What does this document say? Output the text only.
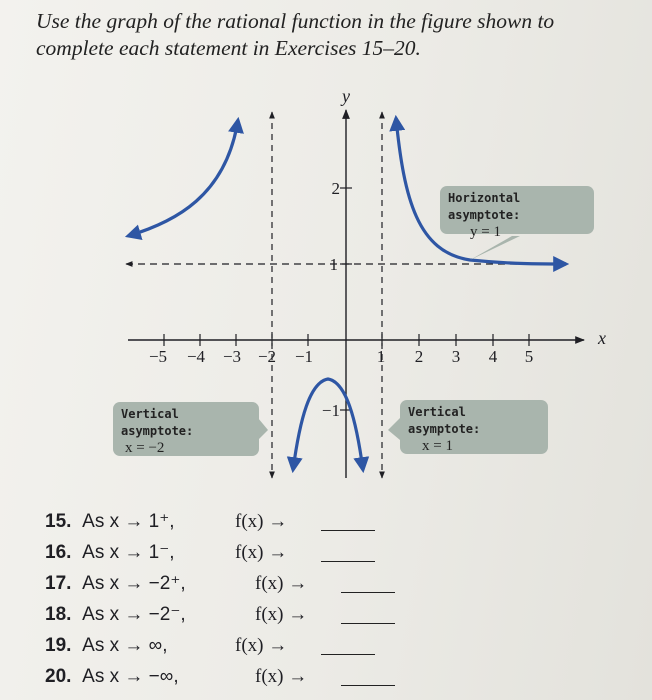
Use the graph of the rational function in the figure shown to
complete each statement in Exercises 15–20.

−5 −4 −3 −2 −1	1 2 3 4 5
2
1
−1
y
x
Horizontal asymptote:
y = 1
Vertical asymptote:
x = −2
Vertical asymptote:
x = 1
15. As x → 1⁺,	f(x) →
16. As x → 1⁻,	f(x) →
17. As x → −2⁺,	f(x) →
18. As x → −2⁻,	f(x) →
19. As x → ∞,	f(x) →
20. As x → −∞,	f(x) →
